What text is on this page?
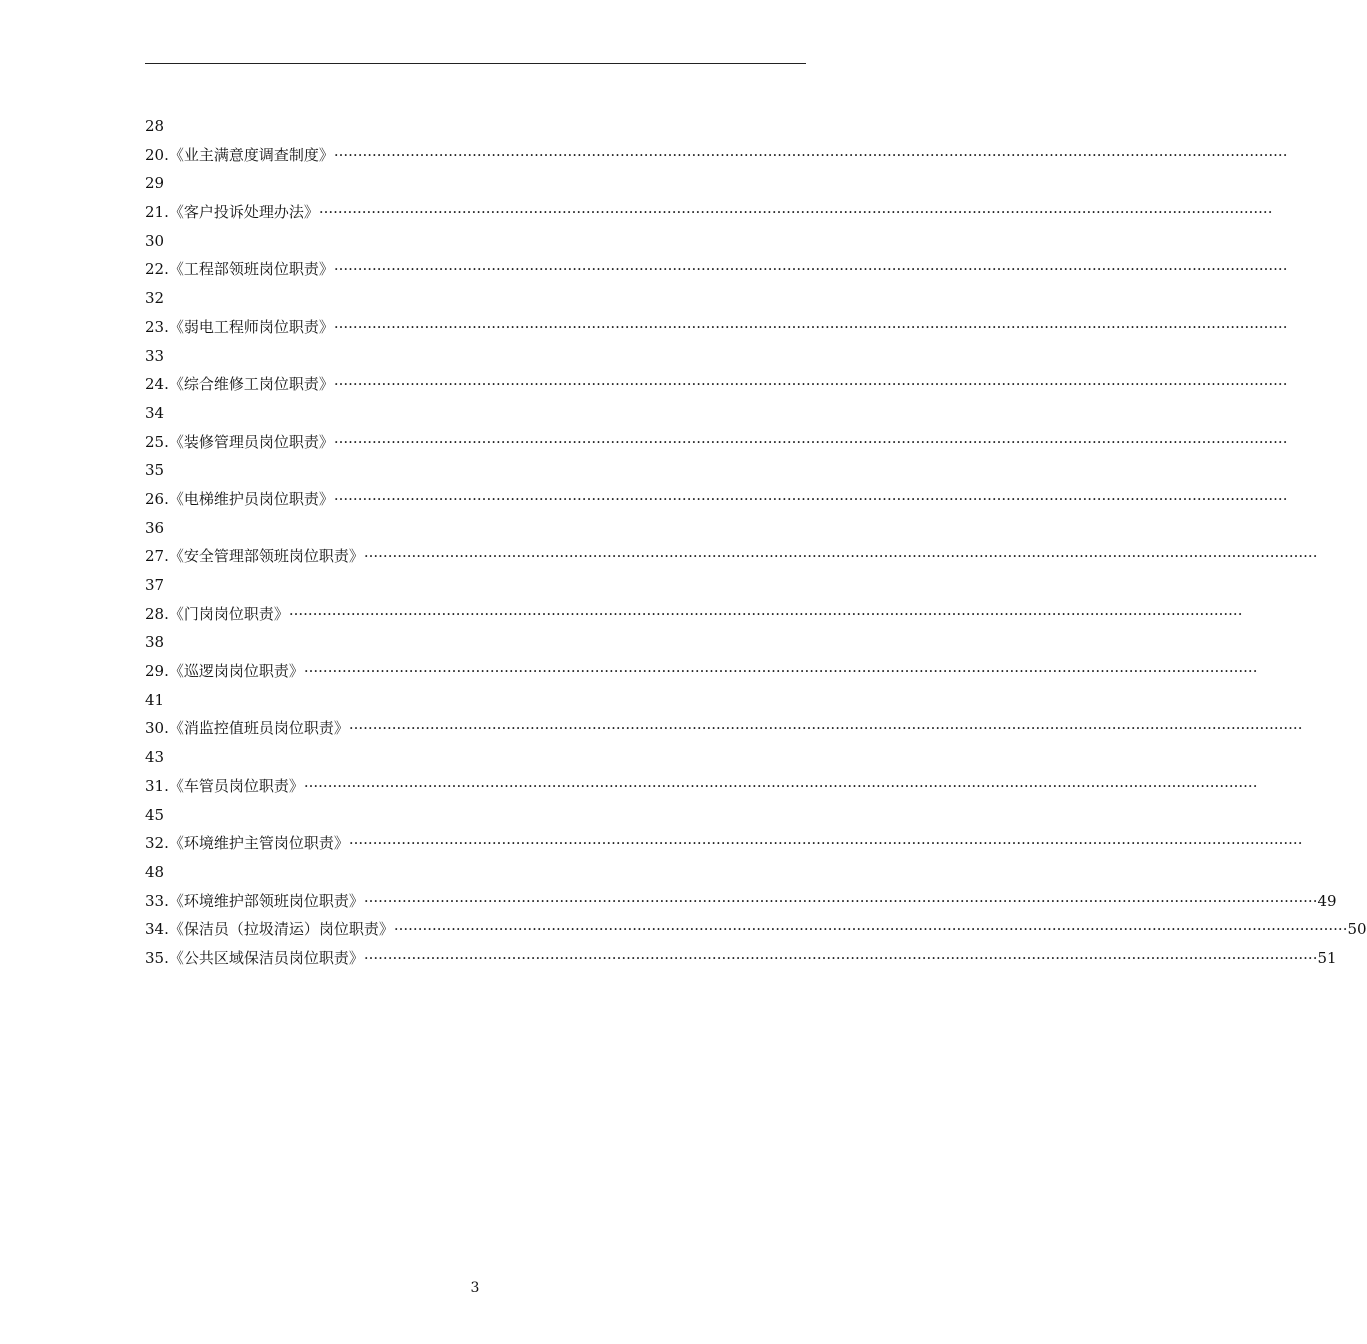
28
20.《业主满意度调查制度》 ········································································································································································································
29
21.《客户投诉处理办法》 ········································································································································································································
30
22.《工程部领班岗位职责》 ········································································································································································································
32
23.《弱电工程师岗位职责》 ········································································································································································································
33
24.《综合维修工岗位职责》 ········································································································································································································
34
25.《装修管理员岗位职责》 ········································································································································································································
35
26.《电梯维护员岗位职责》 ········································································································································································································
36
27.《安全管理部领班岗位职责》 ········································································································································································································
37
28.《门岗岗位职责》 ········································································································································································································
38
29.《巡逻岗岗位职责》 ········································································································································································································
41
30.《消监控值班员岗位职责》 ········································································································································································································
43
31.《车管员岗位职责》 ········································································································································································································
45
32.《环境维护主管岗位职责》 ········································································································································································································
48
33.《环境维护部领班岗位职责》 ········································································································································································································ 49
34.《保洁员（拉圾清运）岗位职责》 ········································································································································································································ 50
35.《公共区域保洁员岗位职责》 ········································································································································································································ 51
3
